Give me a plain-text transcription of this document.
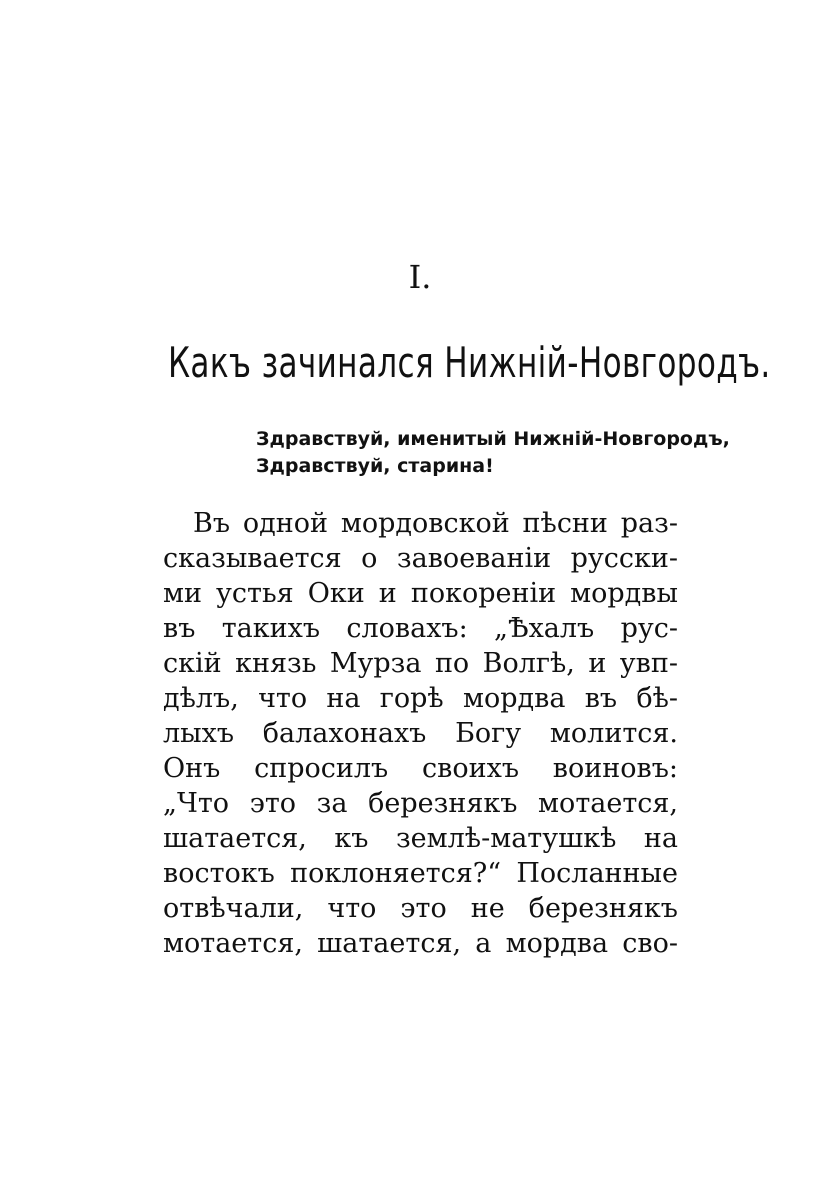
I.
Какъ зачинался Нижній-Новгородъ.
Здравствуй, именитый Нижній-Новгородъ,
Здравствуй, старина!
Въ одной мордовской пѣсни раз-
сказывается о завоеваніи русски-
ми устья Оки и покореніи мордвы
въ такихъ словахъ: „Ѣхалъ рус-
скій князь Мурза по Волгѣ, и увп-
дѣлъ, что на горѣ мордва въ бѣ-
лыхъ балахонахъ Богу молится.
Онъ спросилъ своихъ воиновъ:
„Что это за березнякъ мотается,
шатается, къ землѣ-матушкѣ на
востокъ поклоняется?“ Посланные
отвѣчали, что это не березнякъ
мотается, шатается, а мордва сво-
